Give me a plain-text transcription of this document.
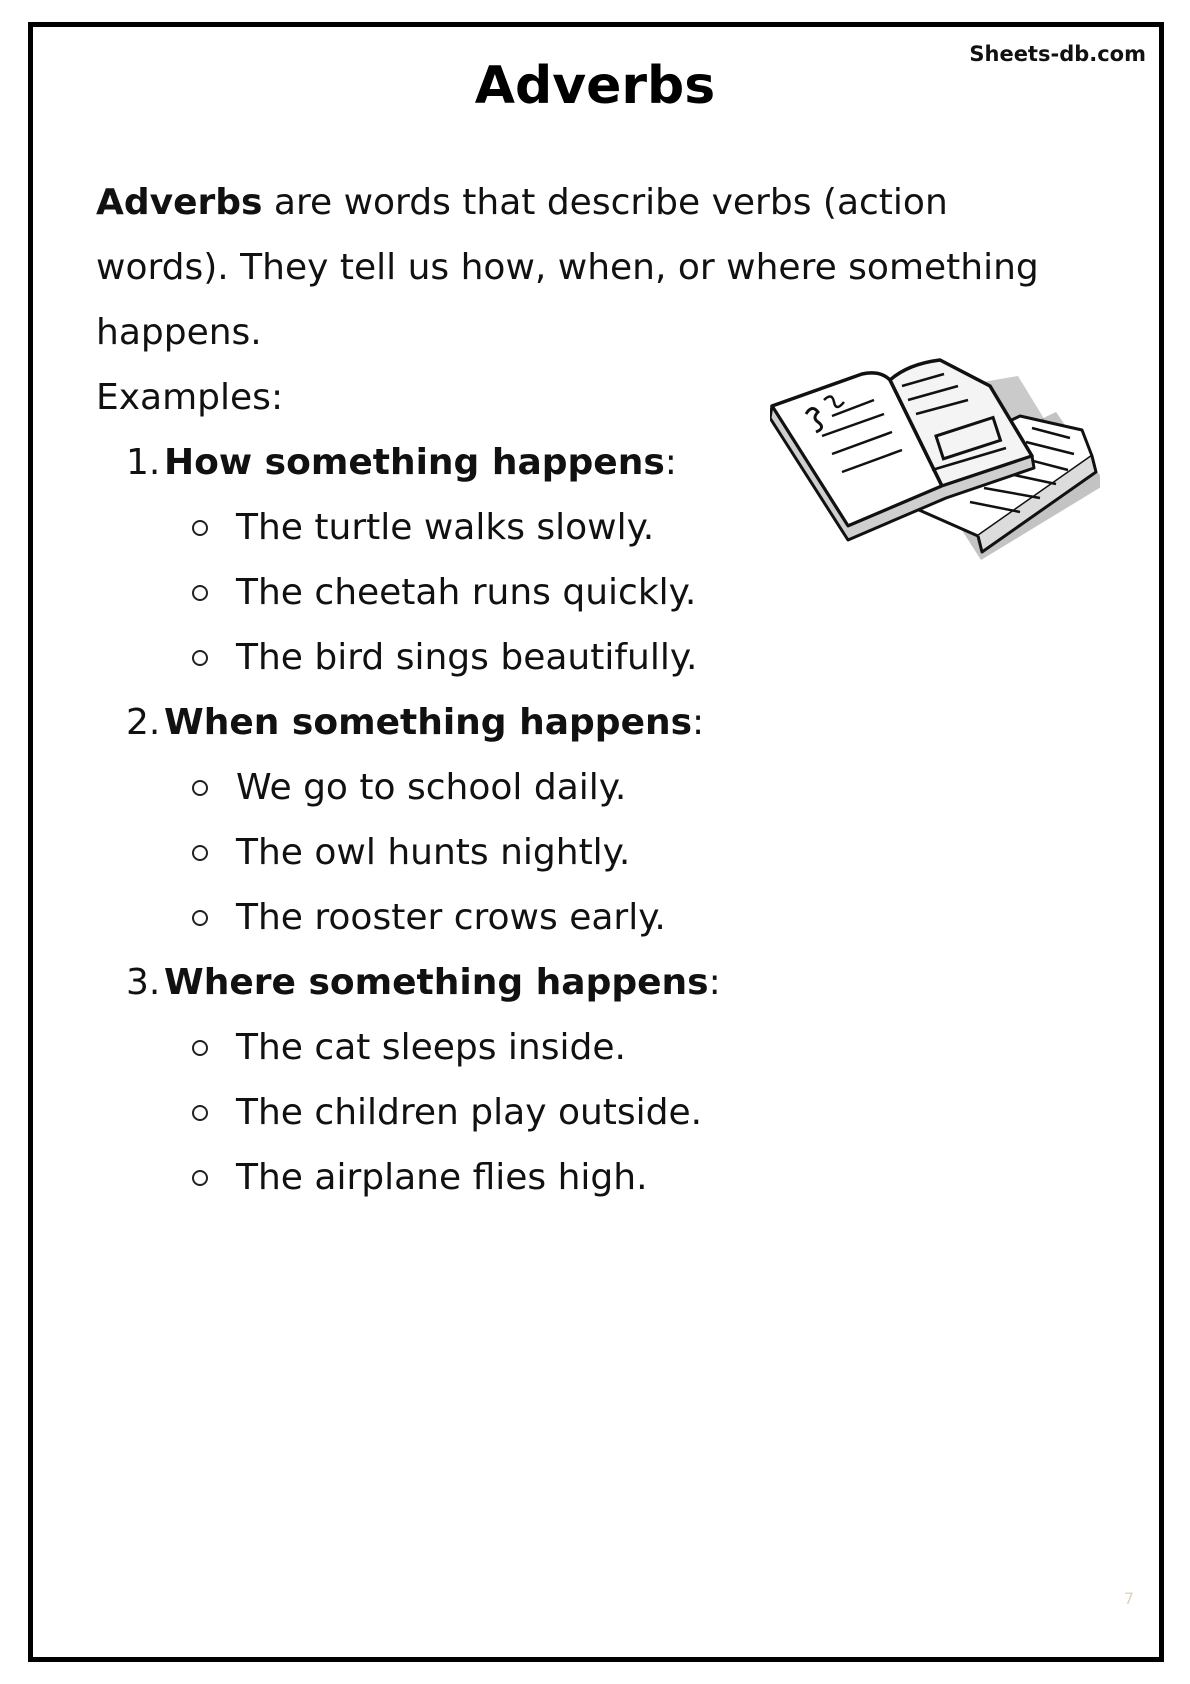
Sheets-db.com
Adverbs

Adverbs are words that describe verbs (action words). They tell us how, when, or where something happens.

Examples:

1. How something happens:
The turtle walks slowly.
The cheetah runs quickly.
The bird sings beautifully.
2. When something happens:
We go to school daily.
The owl hunts nightly.
The rooster crows early.
3. Where something happens:
The cat sleeps inside.
The children play outside.
The airplane flies high.
7
